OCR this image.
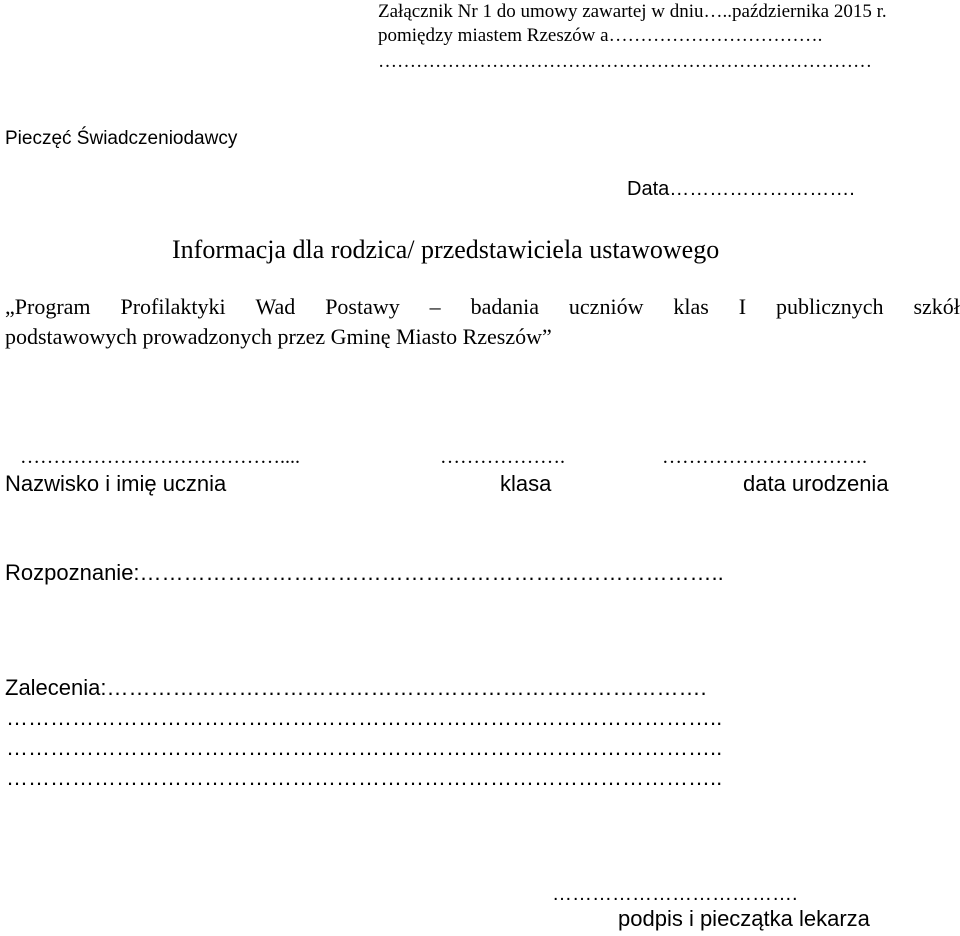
Załącznik Nr 1 do umowy zawartej w dniu…..października 2015 r.
pomiędzy miastem Rzeszów a…………………………….
……………………………………………………………………
Pieczęć Świadczeniodawcy
Data……………………….
Informacja dla rodzica/ przedstawiciela ustawowego
„Program Profilaktyki Wad Postawy – badania uczniów klas I publicznych szkół
podstawowych prowadzonych przez Gminę Miasto Rzeszów”
…………………………………....	……………….	………………………….
Nazwisko i imię ucznia	klasa	data urodzenia
Rozpoznanie:……………………………………………………………………..
Zalecenia:……………………………………………………………………….
……………………………………………………………………………………..
……………………………………………………………………………………..
……………………………………………………………………………………..
……………………………….
podpis i pieczątka lekarza
